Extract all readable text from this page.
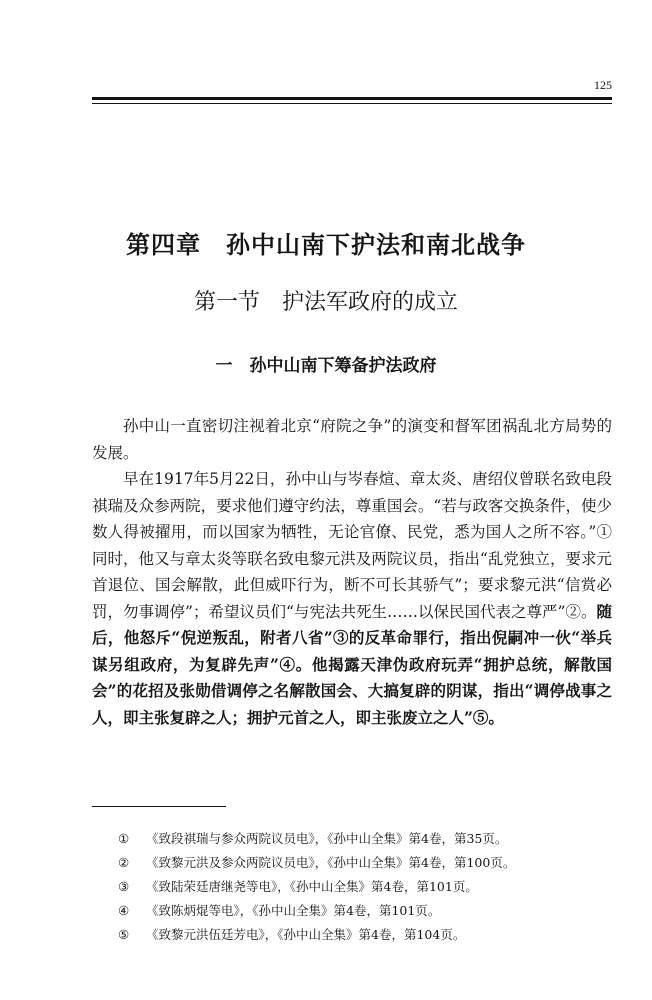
125
第四章　孙中山南下护法和南北战争
第一节　护法军政府的成立
一　孙中山南下筹备护法政府

孙中山一直密切注视着北京“府院之争”的演变和督军团祸乱北方局势的发展。

早在1917年5月22日，孙中山与岑春煊、章太炎、唐绍仪曾联名致电段祺瑞及众参两院，要求他们遵守约法，尊重国会。“若与政客交换条件，使少数人得被擢用，而以国家为牺牲，无论官僚、民党，悉为国人之所不容。”①同时，他又与章太炎等联名致电黎元洪及两院议员，指出“乱党独立，要求元首退位、国会解散，此但威吓行为，断不可长其骄气”；要求黎元洪“信赏必罚，勿事调停”；希望议员们“与宪法共死生……以保民国代表之尊严”②。随后，他怒斥“倪逆叛乱，附者八省”③的反革命罪行，指出倪嗣冲一伙“举兵谋另组政府，为复辟先声”④。他揭露天津伪政府玩弄“拥护总统，解散国会”的花招及张勋借调停之名解散国会、大搞复辟的阴谋，指出“调停战事之人，即主张复辟之人；拥护元首之人，即主张废立之人”⑤。

①	《致段祺瑞与参众两院议员电》，《孙中山全集》第4卷，第35页。
②	《致黎元洪及参众两院议员电》，《孙中山全集》第4卷，第100页。
③	《致陆荣廷唐继尧等电》，《孙中山全集》第4卷，第101页。
④	《致陈炳焜等电》，《孙中山全集》第4卷，第101页。
⑤	《致黎元洪伍廷芳电》，《孙中山全集》第4卷，第104页。
